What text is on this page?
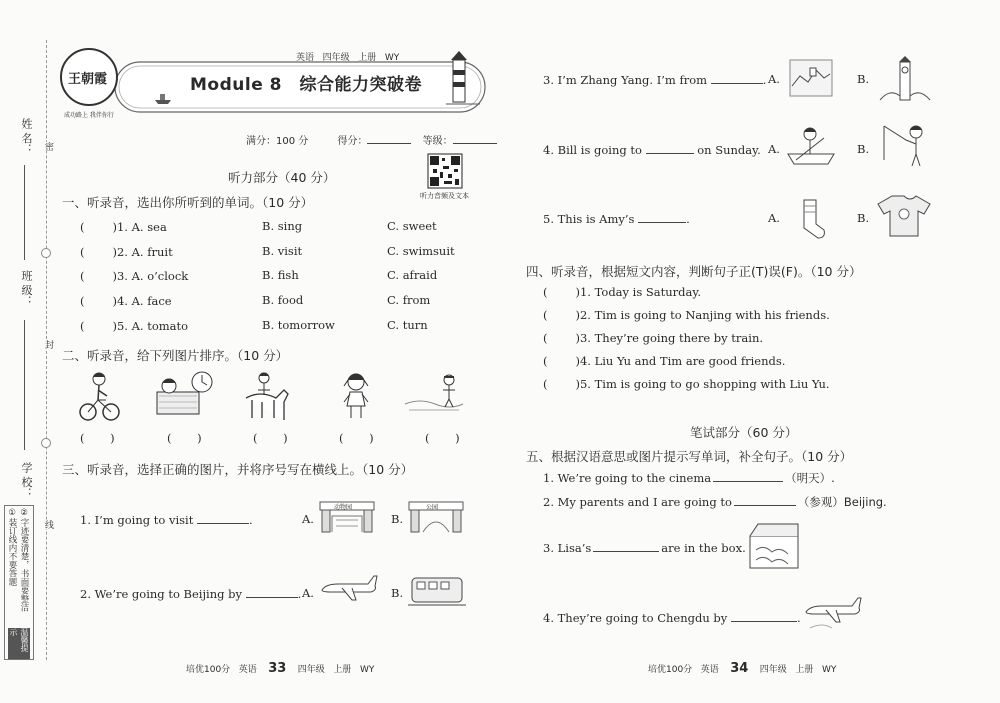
姓 名：
班 级：
学 校：
密
封
线
①装订线内不要答题 ②字迹要清楚，书面要整洁
温馨提示
王朝霞
成功路上 我伴你行
Module 8　综合能力突破卷
英语 四年级 上册 WY
满分：100 分	得分：	等级：
听力音频及文本
听力部分（40 分）
一、听录音，选出你所听到的单词。（10 分）
( )1. A. sea	B. sing	C. sweet
( )2. A. fruit	B. visit	C. swimsuit
( )3. A. o’clock	B. fish	C. afraid
( )4. A. face	B. food	C. from
( )5. A. tomato	B. tomorrow	C. turn
二、听录音，给下列图片排序。（10 分）
(       )	(       )	(       )	(       )	(       )
三、听录音，选择正确的图片，并将序号写在横线上。（10 分）
1. I’m going to visit	.	A.
动物园
B.
公园
2. We’re going to Beijing by	. A.	B.
3. I’m Zhang Yang. I’m from	. A.	B.
4. Bill is going to	on Sunday. A.	B.
5. This is Amy’s	.	A.	B.
四、听录音，根据短文内容，判断句子正(T)误(F)。（10 分）
( )1. Today is Saturday.
( )2. Tim is going to Nanjing with his friends.
( )3. They’re going there by train.
( )4. Liu Yu and Tim are good friends.
( )5. Tim is going to go shopping with Liu Yu.
笔试部分（60 分）
五、根据汉语意思或图片提示写单词，补全句子。（10 分）
1. We’re going to the cinema	（明天）.
2. My parents and I are going to	（参观）Beijing.
3. Lisa’s	are in the box.
4. They’re going to Chengdu by	.
培优100分 英语 33 四年级 上册 WY	培优100分 英语 34 四年级 上册 WY
